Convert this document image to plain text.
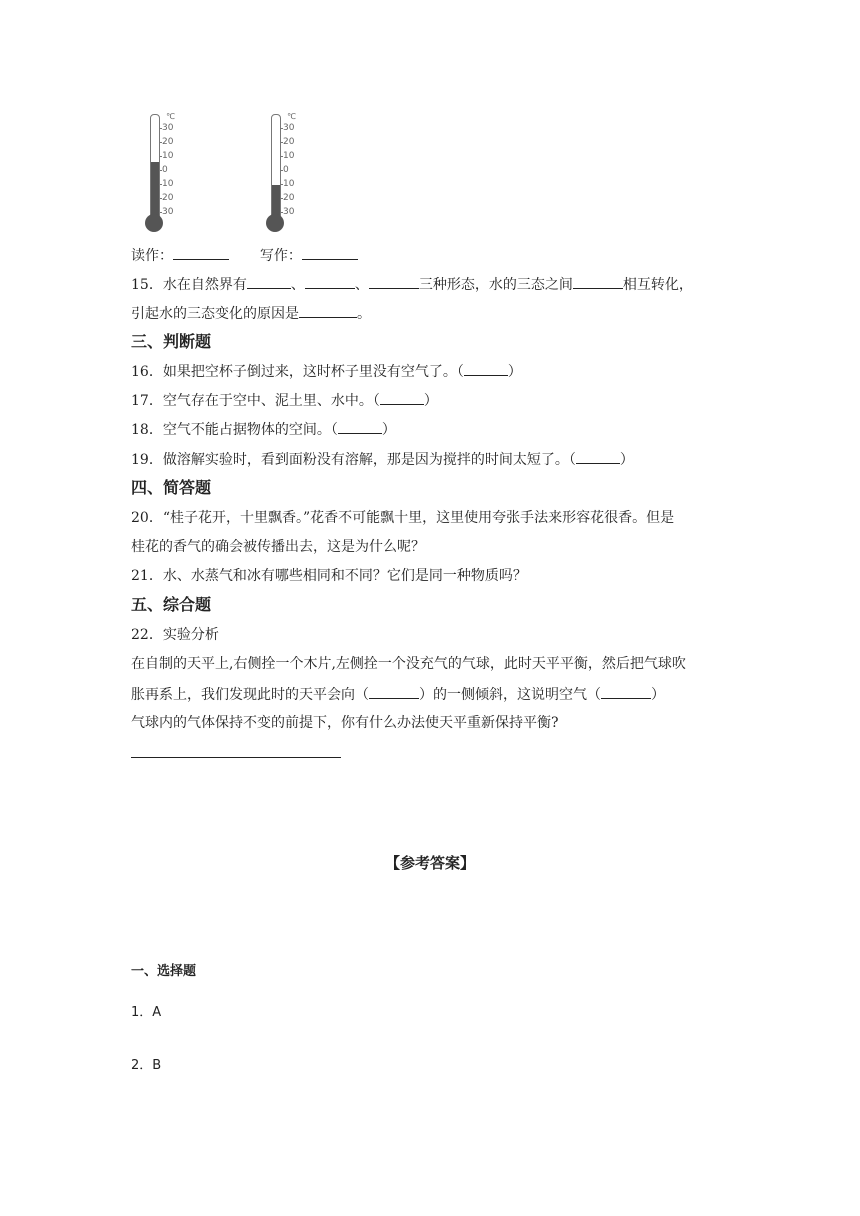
℃
30
20
10
0
10
20
30
℃
30
20
10
0
10
20
30
读作：	写作：
15．水在自然界有	、	、	三种形态，水的三态之间	相互转化，
引起水的三态变化的原因是	。
三、判断题
16．如果把空杯子倒过来，这时杯子里没有空气了。（	）
17．空气存在于空中、泥土里、水中。（	）
18．空气不能占据物体的空间。（	）
19．做溶解实验时，看到面粉没有溶解，那是因为搅拌的时间太短了。（	）
四、简答题
20．“桂子花开，十里飘香。”花香不可能飘十里，这里使用夸张手法来形容花很香。但是
桂花的香气的确会被传播出去，这是为什么呢？
21．水、水蒸气和冰有哪些相同和不同？它们是同一种物质吗？
五、综合题
22．实验分析
在自制的天平上,右侧拴一个木片,左侧拴一个没充气的气球，此时天平平衡，然后把气球吹
胀再系上，我们发现此时的天平会向（	）的一侧倾斜，这说明空气（	）
气球内的气体保持不变的前提下，你有什么办法使天平重新保持平衡?
【参考答案】
一、选择题
1．A
2．B
